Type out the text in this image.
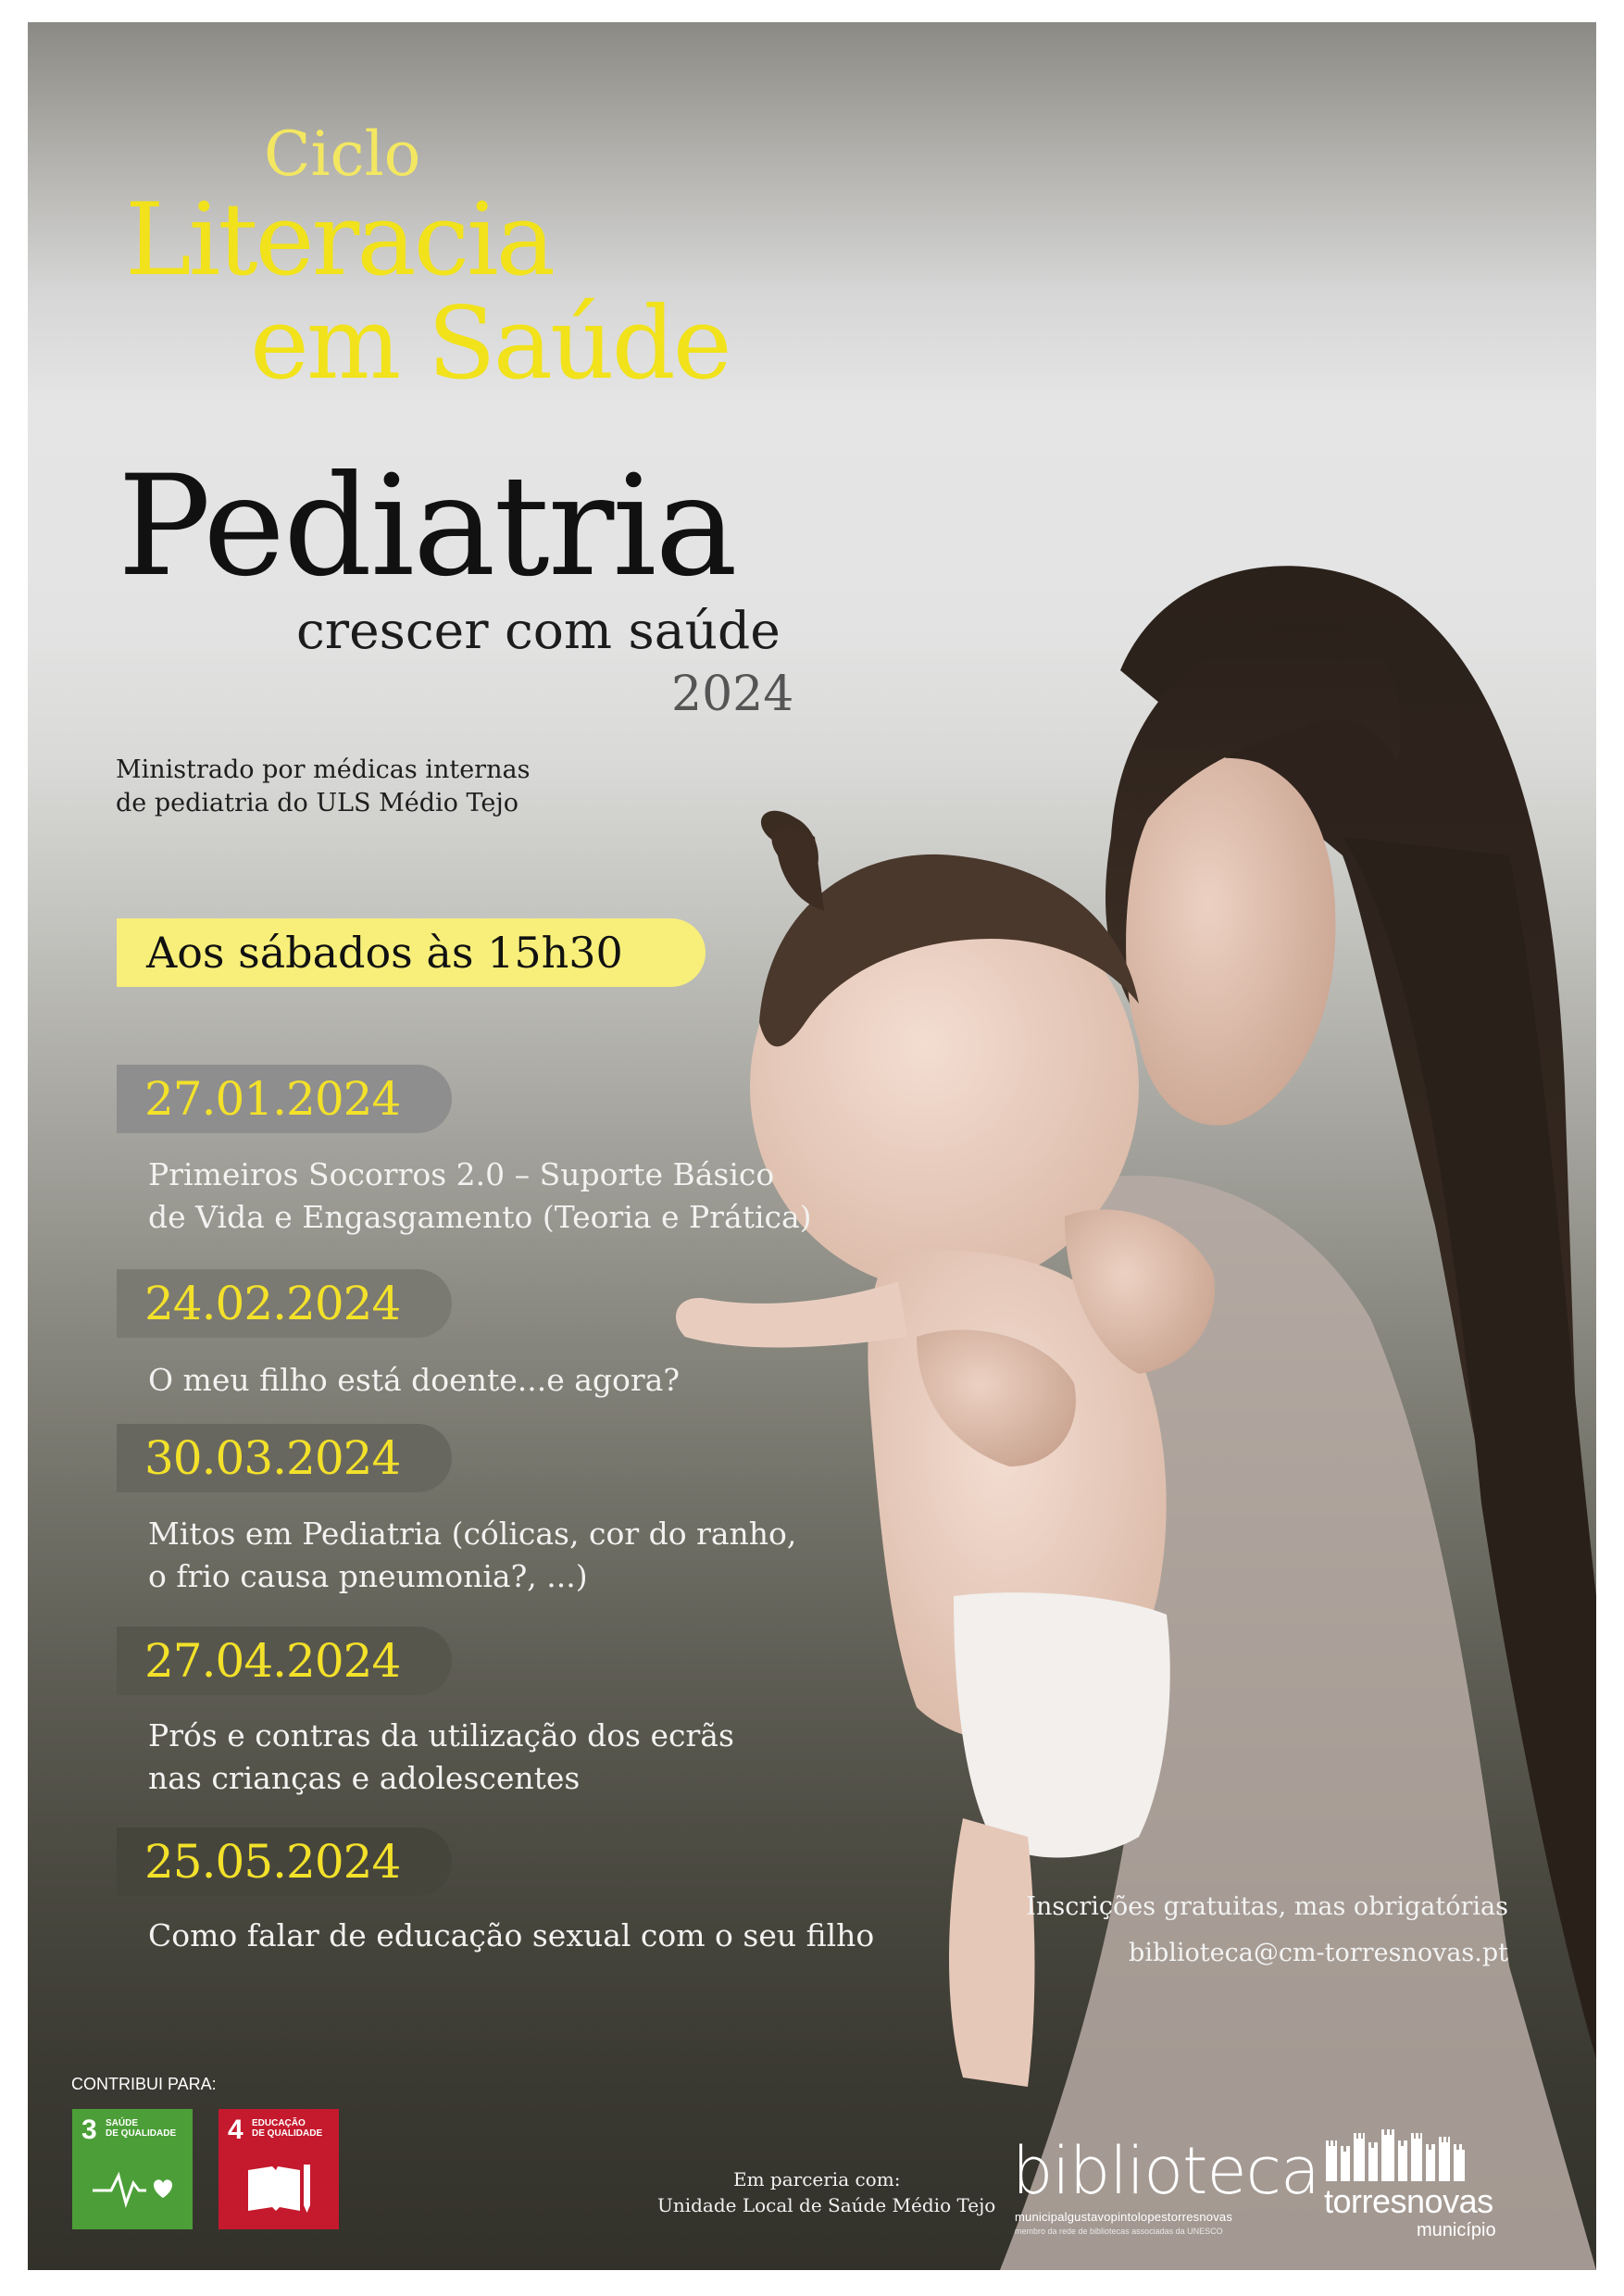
Ciclo
Literacia
em Saúde
Pediatria
crescer com saúde
2024
Ministrado por médicas internas
de pediatria do ULS Médio Tejo
Aos sábados às 15h30
27.01.2024
Primeiros Socorros 2.0 – Suporte Básico
de Vida e Engasgamento (Teoria e Prática)
24.02.2024
O meu filho está doente...e agora?
30.03.2024
Mitos em Pediatria (cólicas, cor do ranho,
o frio causa pneumonia?, ...)
27.04.2024
Prós e contras da utilização dos ecrãs
nas crianças e adolescentes
25.05.2024
Como falar de educação sexual com o seu filho
Inscrições gratuitas, mas obrigatórias
biblioteca@cm-torresnovas.pt
CONTRIBUI PARA:
3 SAÚDE
DE QUALIDADE 4 EDUCAÇÃO
DE QUALIDADE
Em parceria com:
Unidade Local de Saúde Médio Tejo biblioteca
municipalgustavopintolopestorresnovas
membro da rede de bibliotecas associadas da UNESCO
torresnovas
município
